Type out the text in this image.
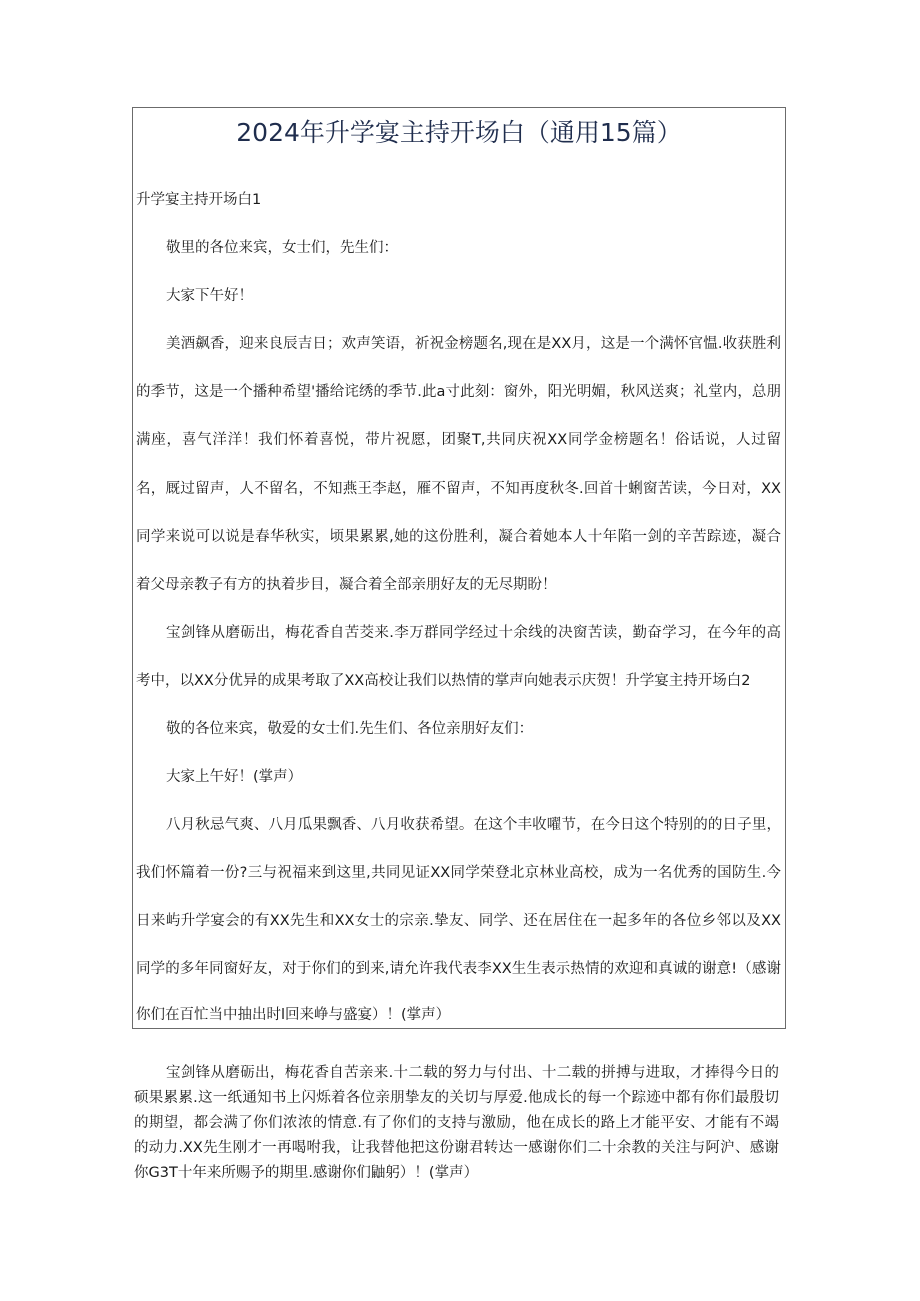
2024年升学宴主持开场白（通用15篇）

升学宴主持开场白1

敬里的各位来宾，女士们，先生们：

大家下午好！

美酒飙香，迎来良辰吉日；欢声笑语，祈祝金榜题名,现在是XX月，这是一个满怀官愠.收获胜利

的季节，这是一个播种希望'播给诧绣的季节.此a寸此刻：窗外，阳光明媚，秋风送爽；礼堂内，总朋

满座，喜气洋洋！我们怀着喜悦，带片祝愿，团聚T,共同庆祝XX同学金榜题名！俗话说，人过留

名，厩过留声，人不留名，不知燕王李赵，雁不留声，不知再度秋冬.回首十蜊窗苦读，今日对，XX

同学来说可以说是春华秋实，顷果累累,她的这份胜利，凝合着她本人十年陷一剑的辛苦踪迹，凝合

着父母亲教子有方的执着步目，凝合着全部亲朋好友的无尽期盼！

宝剑锋从磨砺出，梅花香自苦茭来.李万群同学经过十余线的决窗苦读，勤奋学习，在今年的高

考中，以XX分优异的成果考取了XX高校让我们以热情的掌声向她表示庆贺！升学宴主持开场白2

敬的各位来宾，敬爱的女士们.先生们、各位亲朋好友们：

大家上午好！(掌声）

八月秋忌气爽、八月瓜果飘香、八月收获希望。在这个丰收嚁节，在今日这个特别的的日子里，

我们怀篇着一份?三与祝福来到这里,共同见证XX同学荣登北京林业高校，成为一名优秀的国防生.今

日来屿升学宴会的有XX先生和XX女士的宗亲.挚友、同学、还在居住在一起多年的各位乡邻以及XX

同学的多年同窗好友，对于你们的到来,请允许我代表李XX生生表示热情的欢迎和真诚的谢意!（感谢

你们在百忙当中抽出时l回来峥与盛宴）！(掌声）

宝剑锋从磨砺出，梅花香自苦亲来.十二载的努力与付出、十二载的拼搏与进取，才捧得今日的

硕果累累.这一纸通知书上闪烁着各位亲朋挚友的关切与厚爱.他成长的每一个踪迹中都有你们最殷切

的期望，都会满了你们浓浓的情意.有了你们的支持与激励，他在成长的路上才能平安、才能有不竭

的动力.XX先生刚才一再喝咐我，让我替他把这份谢君转达一感谢你们二十余教的关注与阿沪、感谢

你G3T十年来所赐予的期里.感谢你们鼬躬）！(掌声）
